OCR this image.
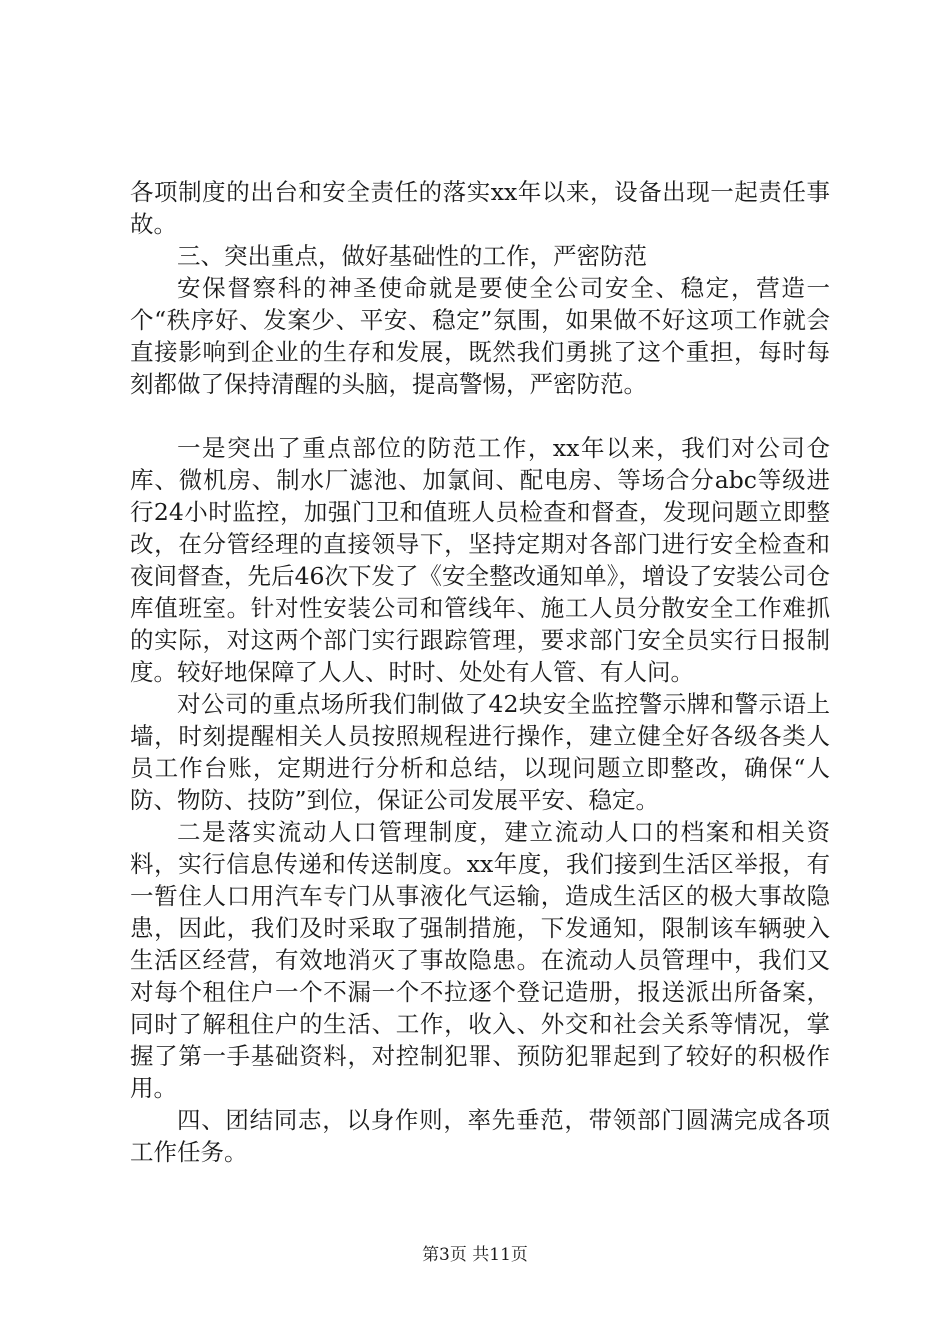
各项制度的出台和安全责任的落实xx年以来，设备出现一起责任事故。

三、突出重点，做好基础性的工作，严密防范

安保督察科的神圣使命就是要使全公司安全、稳定，营造一个“秩序好、发案少、平安、稳定”氛围，如果做不好这项工作就会直接影响到企业的生存和发展，既然我们勇挑了这个重担，每时每刻都做了保持清醒的头脑，提高警惕，严密防范。

一是突出了重点部位的防范工作，xx年以来，我们对公司仓库、微机房、制水厂滤池、加氯间、配电房、等场合分abc等级进行24小时监控，加强门卫和值班人员检查和督查，发现问题立即整改，在分管经理的直接领导下，坚持定期对各部门进行安全检查和夜间督查，先后46次下发了《安全整改通知单》，增设了安装公司仓库值班室。针对性安装公司和管线年、施工人员分散安全工作难抓的实际，对这两个部门实行跟踪管理，要求部门安全员实行日报制度。较好地保障了人人、时时、处处有人管、有人问。

对公司的重点场所我们制做了42块安全监控警示牌和警示语上墙，时刻提醒相关人员按照规程进行操作，建立健全好各级各类人员工作台账，定期进行分析和总结，以现问题立即整改，确保“人防、物防、技防”到位，保证公司发展平安、稳定。

二是落实流动人口管理制度，建立流动人口的档案和相关资料，实行信息传递和传送制度。xx年度，我们接到生活区举报，有一暂住人口用汽车专门从事液化气运输，造成生活区的极大事故隐患，因此，我们及时采取了强制措施，下发通知，限制该车辆驶入生活区经营，有效地消灭了事故隐患。在流动人员管理中，我们又对每个租住户一个不漏一个不拉逐个登记造册，报送派出所备案，同时了解租住户的生活、工作，收入、外交和社会关系等情况，掌握了第一手基础资料，对控制犯罪、预防犯罪起到了较好的积极作用。

四、团结同志，以身作则，率先垂范，带领部门圆满完成各项工作任务。

第3页 共11页
